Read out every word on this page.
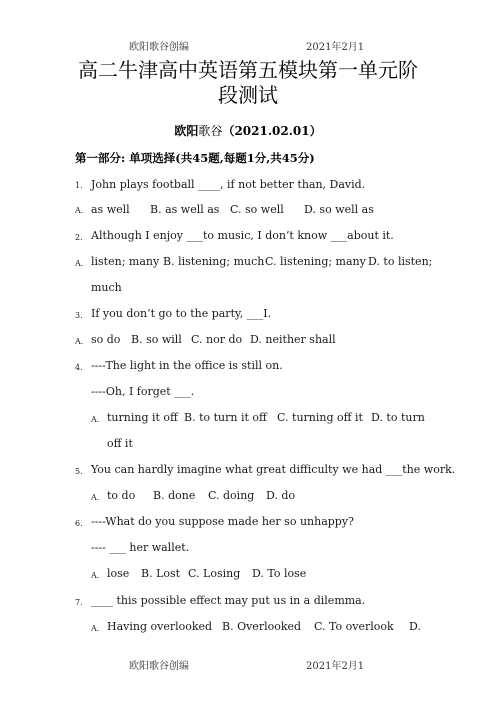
欧阳歌谷创编	2021年2月1
高二牛津高中英语第五模块第一单元阶
段测试
欧阳歌谷（2021.02.01）
第一部分: 单项选择(共45题,每题1分,共45分)
1. John plays football ____, if not better than, David.
A. as well B. as well as C. so well D. so well as
2. Although I enjoy ___to music, I don’t know ___about it.
A. listen; many B. listening; much C. listening; many D. to listen;
much
3. If you don’t go to the party, ___I.
A. so do B. so will C. nor do D. neither shall
4. ----The light in the office is still on.
----Oh, I forget ___.
A. turning it off B. to turn it off C. turning off it D. to turn
off it
5. You can hardly imagine what great difficulty we had ___the work.
A. to do B. done C. doing D. do
6. ----What do you suppose made her so unhappy?
---- ___ her wallet.
A. lose B. Lost C. Losing D. To lose
7. ____ this possible effect may put us in a dilemma.
A. Having overlooked B. Overlooked C. To overlook D.
欧阳歌谷创编	2021年2月1
